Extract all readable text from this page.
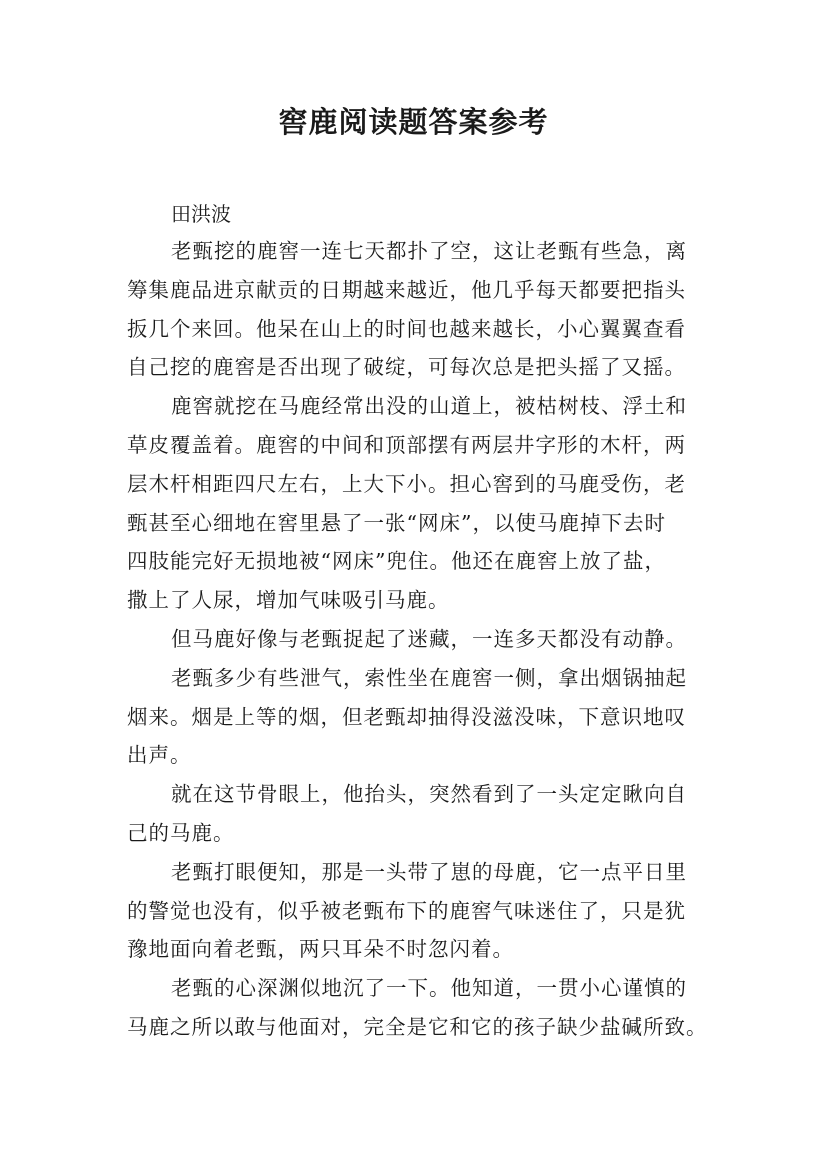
窖鹿阅读题答案参考
田洪波
老甄挖的鹿窖一连七天都扑了空，这让老甄有些急，离
筹集鹿品进京献贡的日期越来越近，他几乎每天都要把指头
扳几个来回。他呆在山上的时间也越来越长，小心翼翼查看
自己挖的鹿窖是否出现了破绽，可每次总是把头摇了又摇。
鹿窖就挖在马鹿经常出没的山道上，被枯树枝、浮土和
草皮覆盖着。鹿窖的中间和顶部摆有两层井字形的木杆，两
层木杆相距四尺左右，上大下小。担心窖到的马鹿受伤，老
甄甚至心细地在窖里悬了一张“网床”，以使马鹿掉下去时
四肢能完好无损地被“网床”兜住。他还在鹿窖上放了盐，
撒上了人尿，增加气味吸引马鹿。
但马鹿好像与老甄捉起了迷藏，一连多天都没有动静。
老甄多少有些泄气，索性坐在鹿窖一侧，拿出烟锅抽起
烟来。烟是上等的烟，但老甄却抽得没滋没味，下意识地叹
出声。
就在这节骨眼上，他抬头，突然看到了一头定定瞅向自
己的马鹿。
老甄打眼便知，那是一头带了崽的母鹿，它一点平日里
的警觉也没有，似乎被老甄布下的鹿窖气味迷住了，只是犹
豫地面向着老甄，两只耳朵不时忽闪着。
老甄的心深渊似地沉了一下。他知道，一贯小心谨慎的
马鹿之所以敢与他面对，完全是它和它的孩子缺少盐碱所致。
